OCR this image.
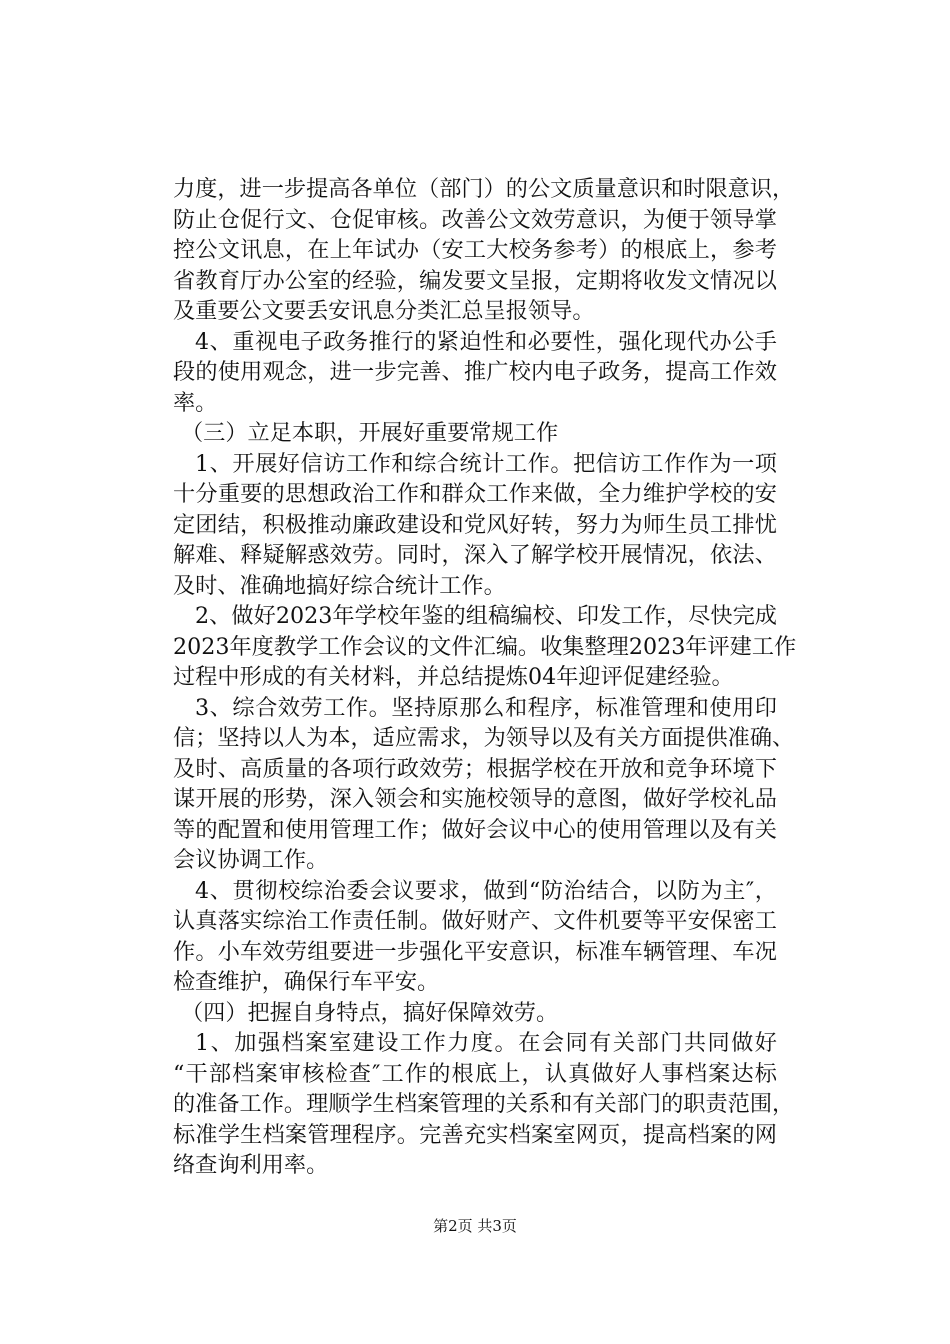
力度，进一步提高各单位（部门）的公文质量意识和时限意识，
防止仓促行文、仓促审核。改善公文效劳意识，为便于领导掌
控公文讯息，在上年试办（安工大校务参考）的根底上，参考
省教育厅办公室的经验，编发要文呈报，定期将收发文情况以
及重要公文要丢安讯息分类汇总呈报领导。
4、重视电子政务推行的紧迫性和必要性，强化现代办公手
段的使用观念，进一步完善、推广校内电子政务，提高工作效
率。
（三）立足本职，开展好重要常规工作
1、开展好信访工作和综合统计工作。把信访工作作为一项
十分重要的思想政治工作和群众工作来做，全力维护学校的安
定团结，积极推动廉政建设和党风好转，努力为师生员工排忧
解难、释疑解惑效劳。同时，深入了解学校开展情况，依法、
及时、准确地搞好综合统计工作。
2、做好2023年学校年鉴的组稿编校、印发工作，尽快完成
2023年度教学工作会议的文件汇编。收集整理2023年评建工作
过程中形成的有关材料，并总结提炼04年迎评促建经验。
3、综合效劳工作。坚持原那么和程序，标准管理和使用印
信；坚持以人为本，适应需求，为领导以及有关方面提供准确、
及时、高质量的各项行政效劳；根据学校在开放和竞争环境下
谋开展的形势，深入领会和实施校领导的意图，做好学校礼品
等的配置和使用管理工作；做好会议中心的使用管理以及有关
会议协调工作。
4、贯彻校综治委会议要求，做到“防治结合，以防为主″，
认真落实综治工作责任制。做好财产、文件机要等平安保密工
作。小车效劳组要进一步强化平安意识，标准车辆管理、车况
检查维护，确保行车平安。
（四）把握自身特点，搞好保障效劳。
1、加强档案室建设工作力度。在会同有关部门共同做好
“干部档案审核检查″工作的根底上，认真做好人事档案达标
的准备工作。理顺学生档案管理的关系和有关部门的职责范围，
标准学生档案管理程序。完善充实档案室网页，提高档案的网
络查询利用率。
第2页 共3页
